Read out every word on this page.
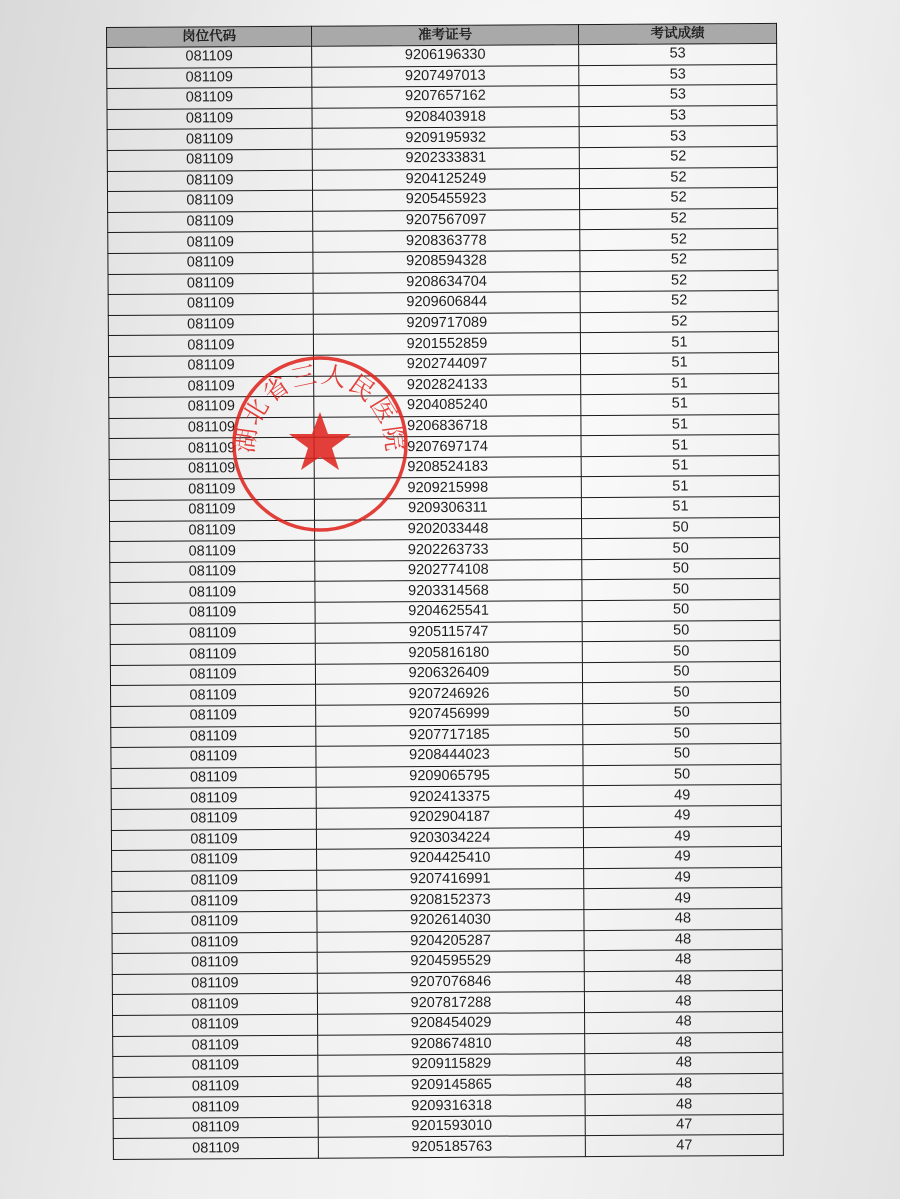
岗位代码	准考证号	考试成绩
081109	9206196330	53
081109	9207497013	53
081109	9207657162	53
081109	9208403918	53
081109	9209195932	53
081109	9202333831	52
081109	9204125249	52
081109	9205455923	52
081109	9207567097	52
081109	9208363778	52
081109	9208594328	52
081109	9208634704	52
081109	9209606844	52
081109	9209717089	52
081109	9201552859	51
081109	9202744097	51
081109	9202824133	51
081109	9204085240	51
081109	9206836718	51
081109	9207697174	51
081109	9208524183	51
081109	9209215998	51
081109	9209306311	51
081109	9202033448	50
081109	9202263733	50
081109	9202774108	50
081109	9203314568	50
081109	9204625541	50
081109	9205115747	50
081109	9205816180	50
081109	9206326409	50
081109	9207246926	50
081109	9207456999	50
081109	9207717185	50
081109	9208444023	50
081109	9209065795	50
081109	9202413375	49
081109	9202904187	49
081109	9203034224	49
081109	9204425410	49
081109	9207416991	49
081109	9208152373	49
081109	9202614030	48
081109	9204205287	48
081109	9204595529	48
081109	9207076846	48
081109	9207817288	48
081109	9208454029	48
081109	9208674810	48
081109	9209115829	48
081109	9209145865	48
081109	9209316318	48
081109	9201593010	47
081109	9205185763	47
湖北省三人民医院
